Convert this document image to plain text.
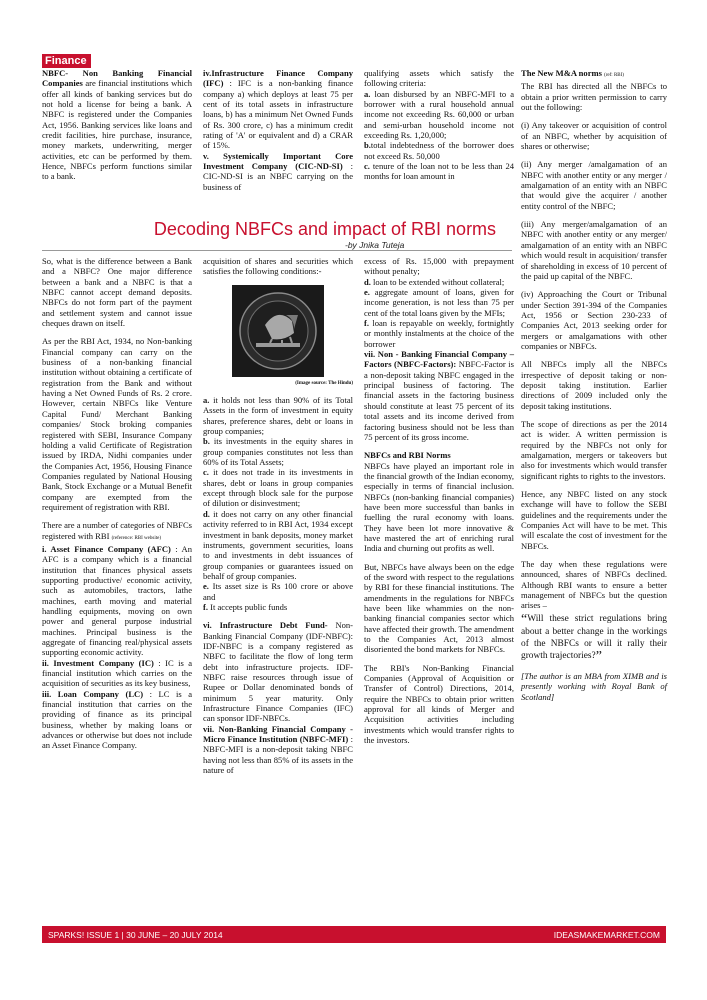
Finance

NBFC- Non Banking Financial Companies are financial institutions which offer all kinds of banking services but do not hold a license for being a bank. A NBFC is registered under the Companies Act, 1956. Banking services like loans and credit facilities, hire purchase, insurance, money markets, underwriting, merger activities, etc can be performed by them. Hence, NBFCs perform functions similar to a bank.

iv.Infrastructure Finance Company (IFC) : IFC is a non-banking finance company a) which deploys at least 75 per cent of its total assets in infrastructure loans, b) has a minimum Net Owned Funds of Rs. 300 crore, c) has a minimum credit rating of 'A' or equivalent and d) a CRAR of 15%.

v. Systemically Important Core Investment Company (CIC-ND-SI) : CIC-ND-SI is an NBFC carrying on the business of

qualifying assets which satisfy the following criteria:
a. loan disbursed by an NBFC-MFI to a borrower with a rural household annual income not exceeding Rs. 60,000 or urban and semi-urban household income not exceeding Rs. 1,20,000;
b.total indebtedness of the borrower does not exceed Rs. 50,000
c. tenure of the loan not to be less than 24 months for loan amount in

Decoding NBFCs and impact of RBI norms
-by Jnika Tuteja

So, what is the difference between a Bank and a NBFC? One major difference between a bank and a NBFC is that a NBFC cannot accept demand deposits. NBFCs do not form part of the payment and settlement system and cannot issue cheques drawn on itself.

As per the RBI Act, 1934, no Non-banking Financial company can carry on the business of a non-banking financial institution without obtaining a certificate of registration from the Bank and without having a Net Owned Funds of Rs. 2 crore. However, certain NBFCs like Venture Capital Fund/ Merchant Banking companies/ Stock broking companies registered with SEBI, Insurance Company holding a valid Certificate of Registration issued by IRDA, Nidhi companies under the Companies Act, 1956, Housing Finance Companies regulated by National Housing Bank, Stock Exchange or a Mutual Benefit company are exempted from the requirement of registration with RBI.

There are a number of categories of NBFCs registered with RBI (reference: RBI website)
i. Asset Finance Company (AFC) : An AFC is a company which is a financial institution that finances physical assets supporting productive/ economic activity, such as automobiles, tractors, lathe machines, earth moving and material handling equipments, moving on own power and general purpose industrial machines. Principal business is the aggregate of financing real/physical assets supporting economic activity.
ii. Investment Company (IC) : IC is a financial institution which carries on the acquisition of securities as its key business,
iii. Loan Company (LC) : LC is a financial institution that carries on the providing of finance as its principal business, whether by making loans or advances or otherwise but does not include an Asset Finance Company.

acquisition of shares and securities which satisfies the following conditions:-

(Image source: The Hindu)

a. it holds not less than 90% of its Total Assets in the form of investment in equity shares, preference shares, debt or loans in group companies;
b. its investments in the equity shares in group companies constitutes not less than 60% of its Total Assets;
c. it does not trade in its investments in shares, debt or loans in group companies except through block sale for the purpose of dilution or disinvestment;
d. it does not carry on any other financial activity referred to in RBI Act, 1934 except investment in bank deposits, money market instruments, government securities, loans to and investments in debt issuances of group companies or guarantees issued on behalf of group companies.
e. Its asset size is Rs 100 crore or above and
f. It accepts public funds

vi. Infrastructure Debt Fund- Non- Banking Financial Company (IDF-NBFC): IDF-NBFC is a company registered as NBFC to facilitate the flow of long term debt into infrastructure projects. IDF-NBFC raise resources through issue of Rupee or Dollar denominated bonds of minimum 5 year maturity. Only Infrastructure Finance Companies (IFC) can sponsor IDF-NBFCs.
vii. Non-Banking Financial Company - Micro Finance Institution (NBFC-MFI) : NBFC-MFI is a non-deposit taking NBFC having not less than 85% of its assets in the nature of

excess of Rs. 15,000 with prepayment without penalty;
d. loan to be extended without collateral;
e. aggregate amount of loans, given for income generation, is not less than 75 per cent of the total loans given by the MFIs;
f. loan is repayable on weekly, fortnightly or monthly instalments at the choice of the borrower
vii. Non - Banking Financial Company – Factors (NBFC-Factors): NBFC-Factor is a non-deposit taking NBFC engaged in the principal business of factoring. The financial assets in the factoring business should constitute at least 75 percent of its total assets and its income derived from factoring business should not be less than 75 percent of its gross income.

NBFCs and RBI Norms
NBFCs have played an important role in the financial growth of the Indian economy, especially in terms of financial inclusion. NBFCs (non-banking financial companies) have been more successful than banks in fuelling the rural economy with loans. They have been lot more innovative & have mastered the art of enriching rural India and churning out profits as well.

But, NBFCs have always been on the edge of the sword with respect to the regulations by RBI for these financial institutions. The amendments in the regulations for NBFCs have been like whammies on the non-banking financial companies sector which have affected their growth. The amendment to the Companies Act, 2013 almost disoriented the bond markets for NBFCs.

The RBI's Non-Banking Financial Companies (Approval of Acquisition or Transfer of Control) Directions, 2014, require the NBFCs to obtain prior written approval for all kinds of Merger and Acquisition activities including investments which would transfer rights to the investors.

The New M&A norms (ref: RBI)
The RBI has directed all the NBFCs to obtain a prior written permission to carry out the following:

(i) Any takeover or acquisition of control of an NBFC, whether by acquisition of shares or otherwise;

(ii) Any merger /amalgamation of an NBFC with another entity or any merger / amalgamation of an entity with an NBFC that would give the acquirer / another entity control of the NBFC;

(iii) Any merger/amalgamation of an NBFC with another entity or any merger/ amalgamation of an entity with an NBFC which would result in acquisition/ transfer of shareholding in excess of 10 percent of the paid up capital of the NBFC.

(iv) Approaching the Court or Tribunal under Section 391-394 of the Companies Act, 1956 or Section 230-233 of Companies Act, 2013 seeking order for mergers or amalgamations with other companies or NBFCs.

All NBFCs imply all the NBFCs irrespective of deposit taking or non-deposit taking institution. Earlier directions of 2009 included only the deposit taking institutions.

The scope of directions as per the 2014 act is wider. A written permission is required by the NBFCs not only for amalgamation, mergers or takeovers but also for investments which would transfer significant rights to rights to the investors.

Hence, any NBFC listed on any stock exchange will have to follow the SEBI guidelines and the requirements under the Companies Act will have to be met. This will escalate the cost of investment for the NBFCs.

The day when these regulations were announced, shares of NBFCs declined. Although RBI wants to ensure a better management of NBFCs but the question arises –

“Will these strict regulations bring about a better change in the workings of the NBFCs or will it rally their growth trajectories?”

[The author is an MBA from XIMB and is presently working with Royal Bank of Scotland]

SPARKS! ISSUE 1 | 30 JUNE – 20 JULY 2014	IDEASMAKEMARKET.COM
